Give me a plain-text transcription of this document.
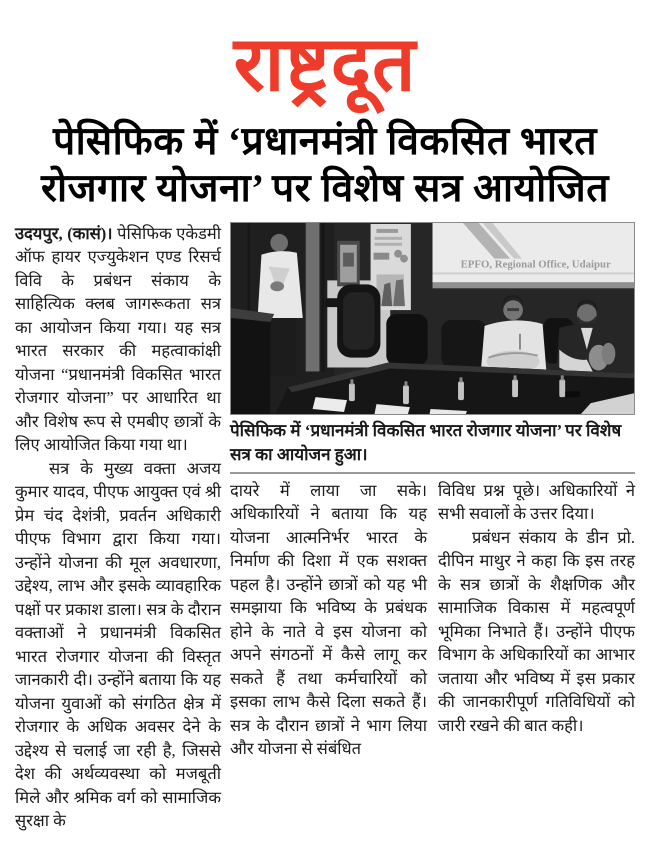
राष्ट्रदूत
पेसिफिक में ‘प्रधानमंत्री विकसित भारत
रोजगार योजना’ पर विशेष सत्र आयोजित

उदयपुर, (कासं)। पेसिफिक एकेडमी ऑफ हायर एज्युकेशन एण्ड रिसर्च विवि के प्रबंधन संकाय के साहित्यिक क्लब जागरूकता सत्र का आयोजन किया गया। यह सत्र भारत सरकार की महत्वाकांक्षी योजना “प्रधानमंत्री विकसित भारत रोजगार योजना” पर आधारित था और विशेष रूप से एमबीए छात्रों के लिए आयोजित किया गया था।

सत्र के मुख्य वक्ता अजय कुमार यादव, पीएफ आयुक्त एवं श्री प्रेम चंद देशंत्री, प्रवर्तन अधिकारी पीएफ विभाग द्वारा किया गया। उन्होंने योजना की मूल अवधारणा, उद्देश्य, लाभ और इसके व्यावहारिक पक्षों पर प्रकाश डाला। सत्र के दौरान वक्ताओं ने प्रधानमंत्री विकसित भारत रोजगार योजना की विस्तृत जानकारी दी। उन्होंने बताया कि यह योजना युवाओं को संगठित क्षेत्र में रोजगार के अधिक अवसर देने के उद्देश्य से चलाई जा रही है, जिससे देश की अर्थव्यवस्था को मजबूती मिले और श्रमिक वर्ग को सामाजिक सुरक्षा के

EPFO, Regional Office, Udaipur
पेसिफिक में ‘प्रधानमंत्री विकसित भारत रोजगार योजना’ पर विशेष सत्र का आयोजन हुआ।

दायरे में लाया जा सके। अधिकारियों ने बताया कि यह योजना आत्मनिर्भर भारत के निर्माण की दिशा में एक सशक्त पहल है। उन्होंने छात्रों को यह भी समझाया कि भविष्य के प्रबंधक होने के नाते वे इस योजना को अपने संगठनों में कैसे लागू कर सकते हैं तथा कर्मचारियों को इसका लाभ कैसे दिला सकते हैं। सत्र के दौरान छात्रों ने भाग लिया और योजना से संबंधित

विविध प्रश्न पूछे। अधिकारियों ने सभी सवालों के उत्तर दिया।

प्रबंधन संकाय के डीन प्रो. दीपिन माथुर ने कहा कि इस तरह के सत्र छात्रों के शैक्षणिक और सामाजिक विकास में महत्वपूर्ण भूमिका निभाते हैं। उन्होंने पीएफ विभाग के अधिकारियों का आभार जताया और भविष्य में इस प्रकार की जानकारीपूर्ण गतिविधियों को जारी रखने की बात कही।
